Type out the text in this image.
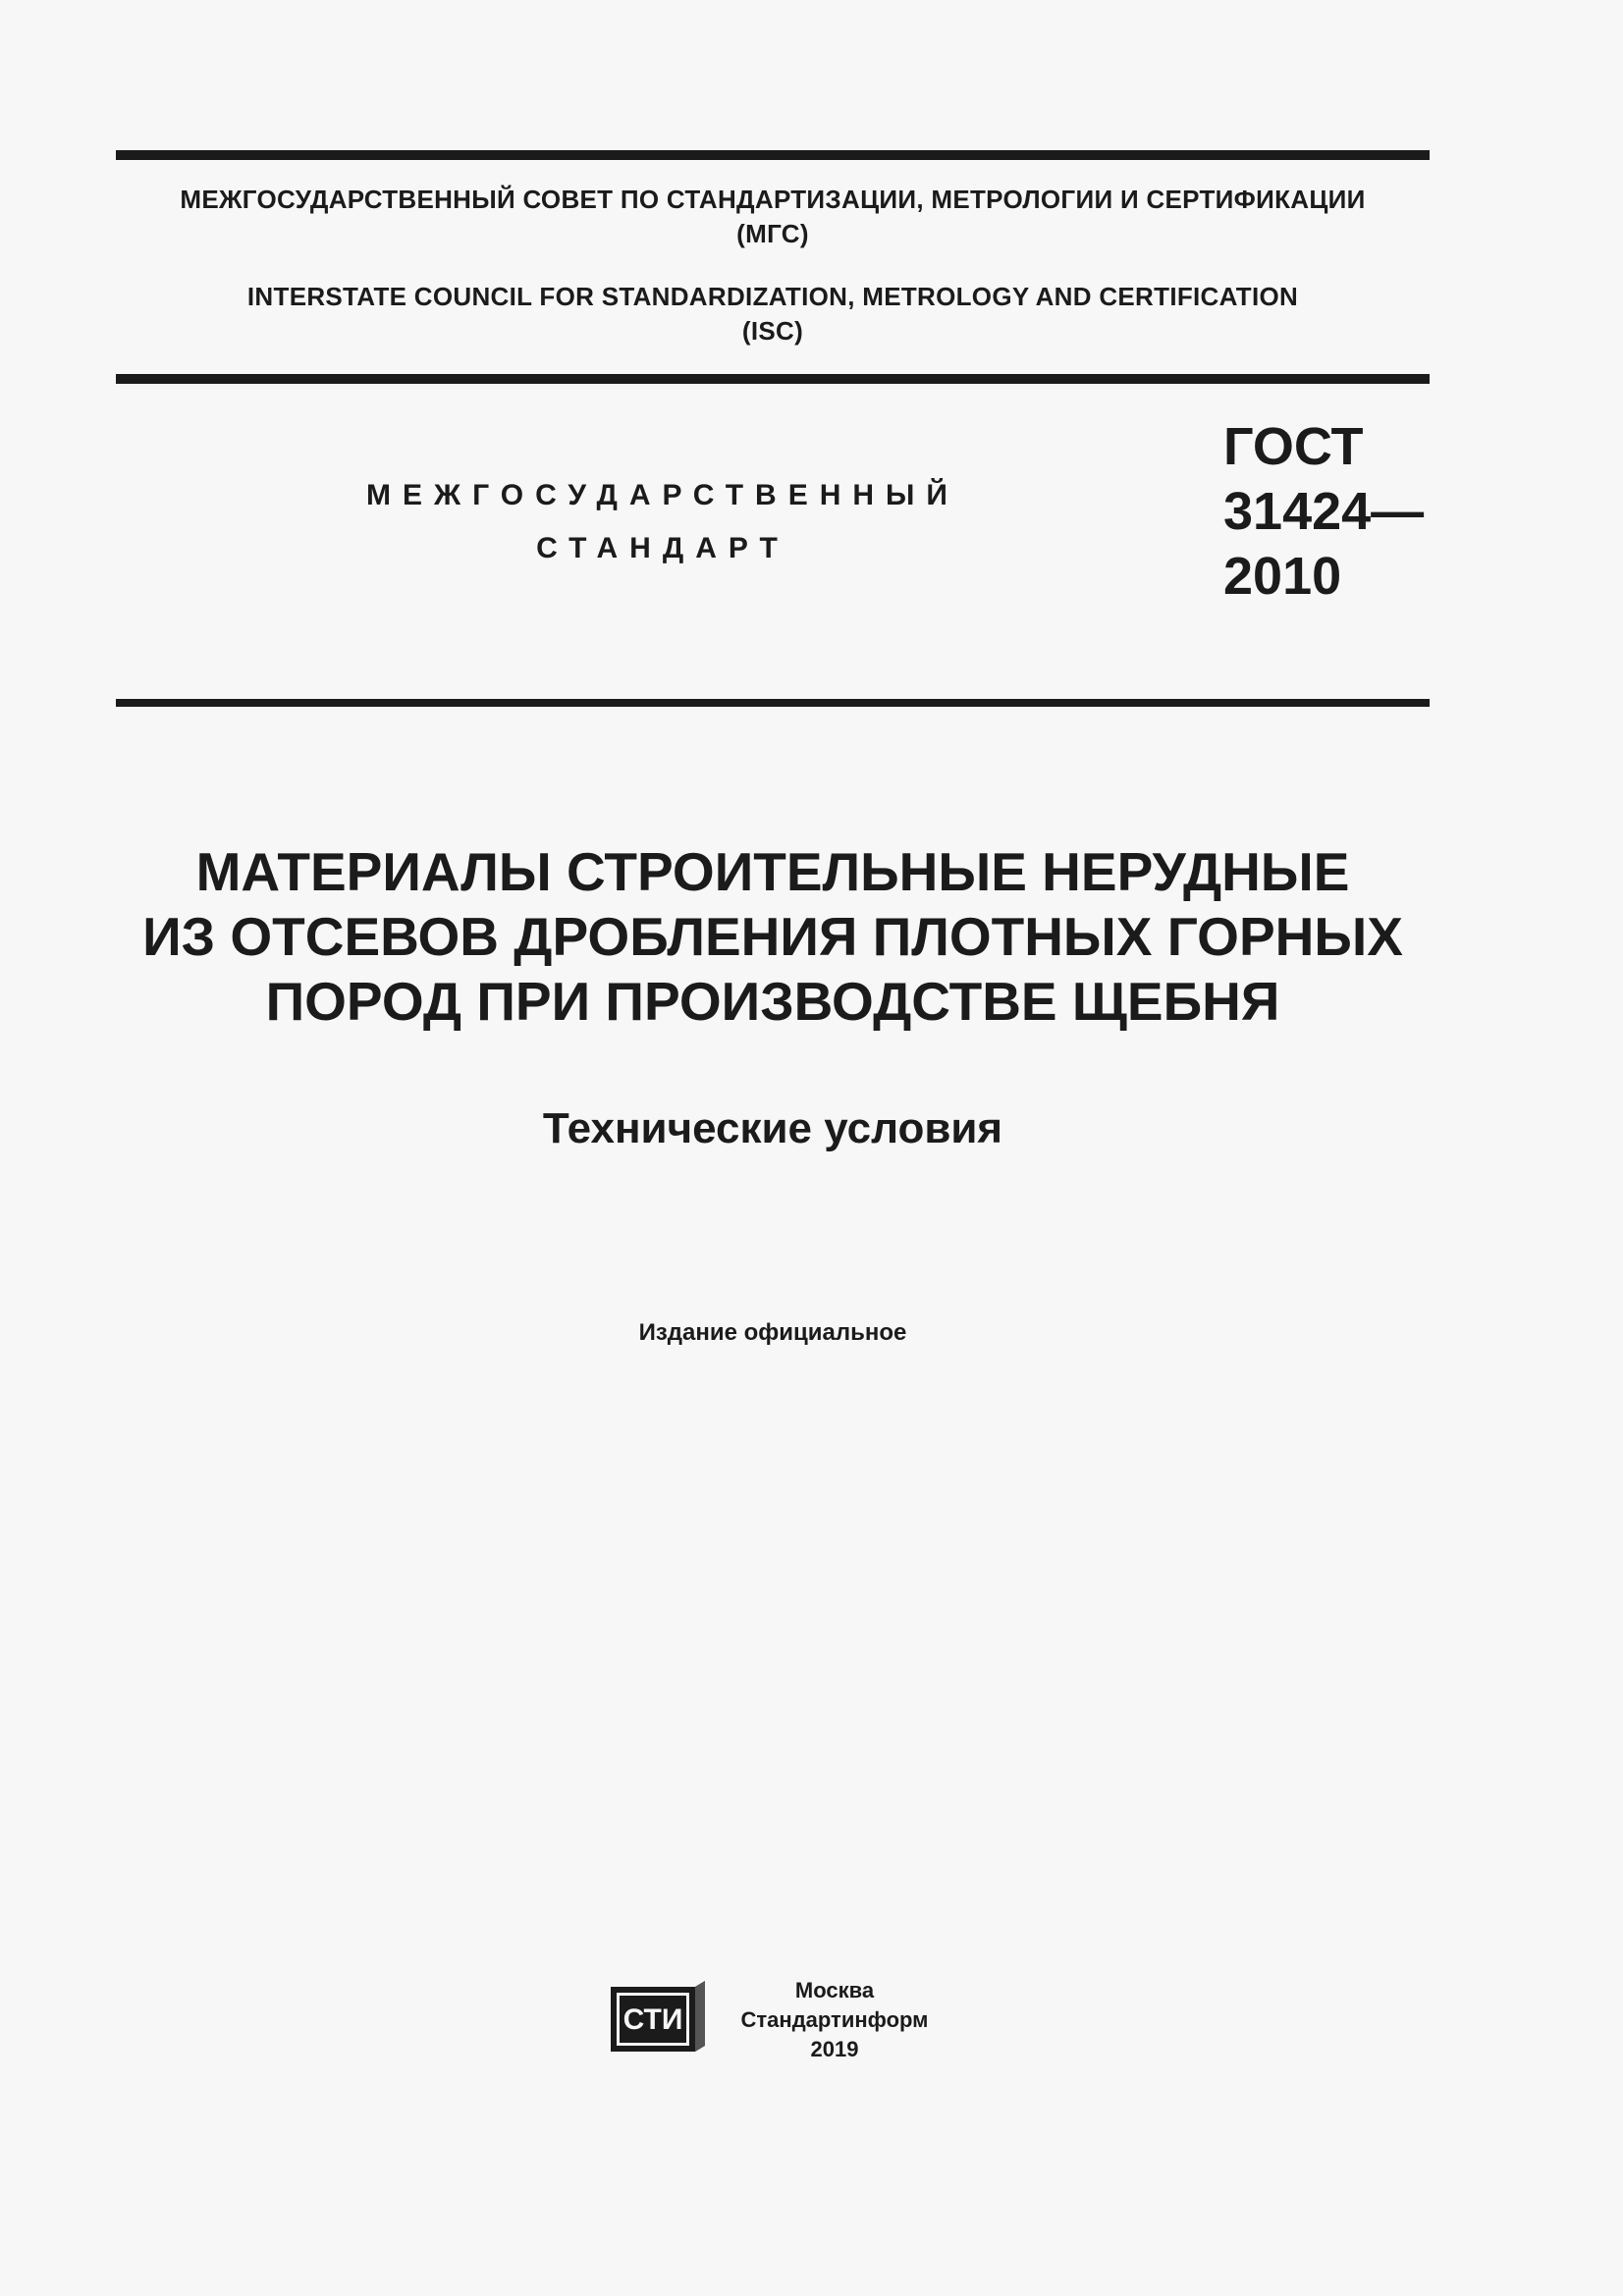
МЕЖГОСУДАРСТВЕННЫЙ СОВЕТ ПО СТАНДАРТИЗАЦИИ, МЕТРОЛОГИИ И СЕРТИФИКАЦИИ
(МГС)
INTERSTATE COUNCIL FOR STANDARDIZATION, METROLOGY AND CERTIFICATION
(ISC)
МЕЖГОСУДАРСТВЕННЫЙ
СТАНДАРТ
ГОСТ
31424—
2010
МАТЕРИАЛЫ СТРОИТЕЛЬНЫЕ НЕРУДНЫЕ
ИЗ ОТСЕВОВ ДРОБЛЕНИЯ ПЛОТНЫХ ГОРНЫХ
ПОРОД ПРИ ПРОИЗВОДСТВЕ ЩЕБНЯ
Технические условия
Издание официальное
СТИ
Москва
Стандартинформ
2019
